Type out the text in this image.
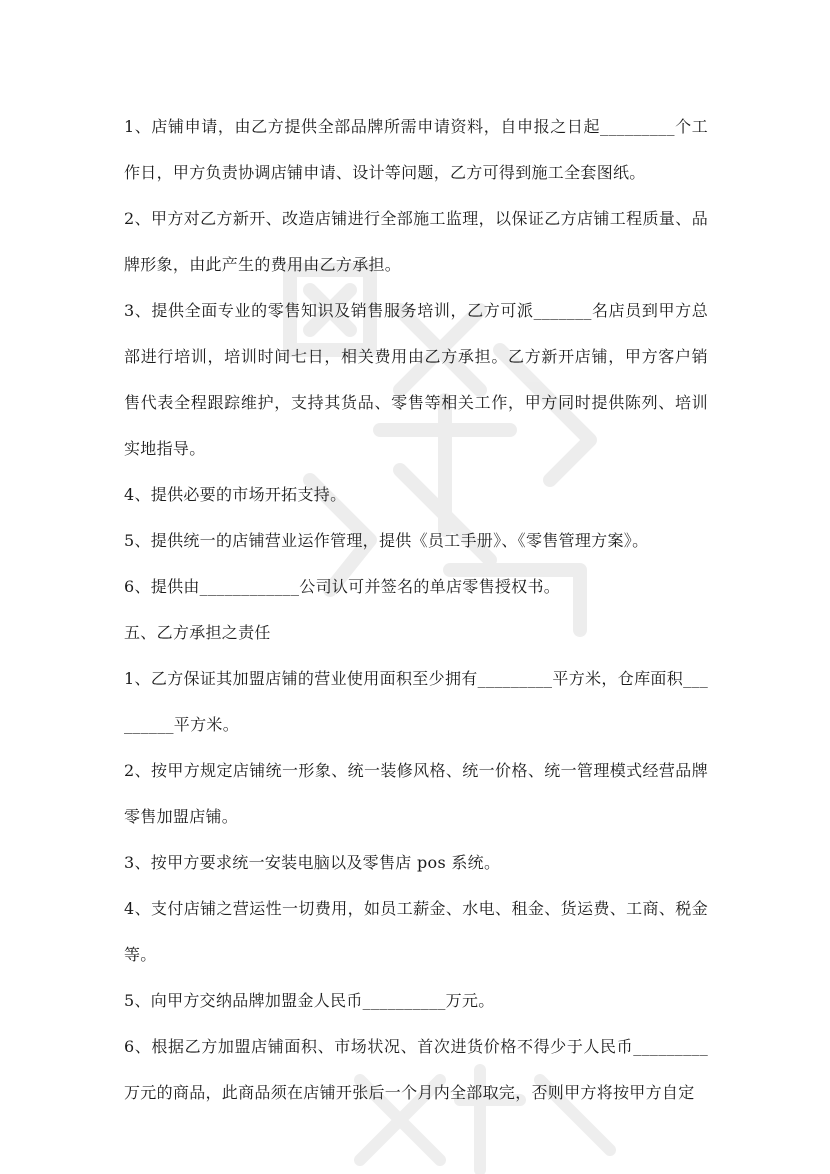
1、店铺申请，由乙方提供全部品牌所需申请资料，自申报之日起_________个工作日，甲方负责协调店铺申请、设计等问题，乙方可得到施工全套图纸。

2、甲方对乙方新开、改造店铺进行全部施工监理，以保证乙方店铺工程质量、品牌形象，由此产生的费用由乙方承担。

3、提供全面专业的零售知识及销售服务培训，乙方可派_______名店员到甲方总部进行培训，培训时间七日，相关费用由乙方承担。乙方新开店铺，甲方客户销售代表全程跟踪维护，支持其货品、零售等相关工作，甲方同时提供陈列、培训实地指导。

4、提供必要的市场开拓支持。

5、提供统一的店铺营业运作管理，提供《员工手册》、《零售管理方案》。

6、提供由____________公司认可并签名的单店零售授权书。

五、乙方承担之责任

1、乙方保证其加盟店铺的营业使用面积至少拥有_________平方米，仓库面积_________平方米。

2、按甲方规定店铺统一形象、统一装修风格、统一价格、统一管理模式经营品牌零售加盟店铺。

3、按甲方要求统一安装电脑以及零售店 pos 系统。

4、支付店铺之营运性一切费用，如员工薪金、水电、租金、货运费、工商、税金等。

5、向甲方交纳品牌加盟金人民币__________万元。

6、根据乙方加盟店铺面积、市场状况、首次进货价格不得少于人民币_________万元的商品，此商品须在店铺开张后一个月内全部取完，否则甲方将按甲方自定
